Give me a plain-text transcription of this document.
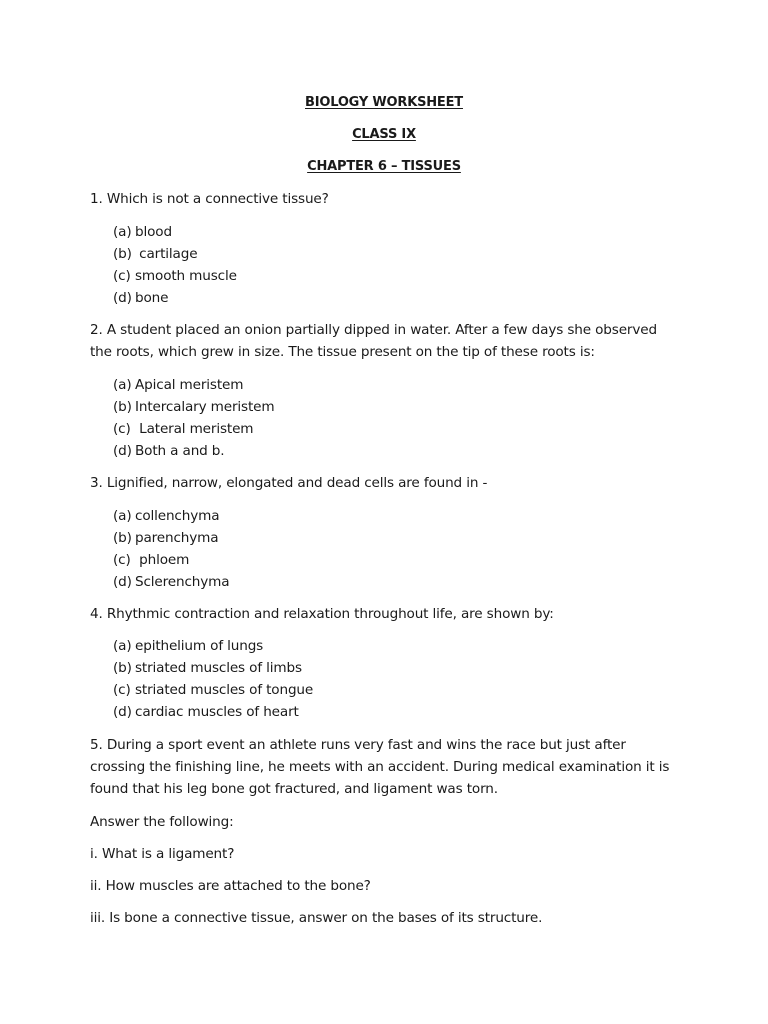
BIOLOGY WORKSHEET
CLASS IX
CHAPTER 6 – TISSUES
1. Which is not a connective tissue?
(a) blood
(b) cartilage
(c) smooth muscle
(d) bone
2. A student placed an onion partially dipped in water. After a few days she observed the roots, which grew in size. The tissue present on the tip of these roots is:
(a) Apical meristem
(b) Intercalary meristem
(c) Lateral meristem
(d) Both a and b.
3. Lignified, narrow, elongated and dead cells are found in -
(a) collenchyma
(b) parenchyma
(c) phloem
(d) Sclerenchyma
4. Rhythmic contraction and relaxation throughout life, are shown by:
(a) epithelium of lungs
(b) striated muscles of limbs
(c) striated muscles of tongue
(d) cardiac muscles of heart
5. During a sport event an athlete runs very fast and wins the race but just after crossing the finishing line, he meets with an accident. During medical examination it is found that his leg bone got fractured, and ligament was torn.
Answer the following:
i. What is a ligament?
ii. How muscles are attached to the bone?
iii. Is bone a connective tissue, answer on the bases of its structure.
